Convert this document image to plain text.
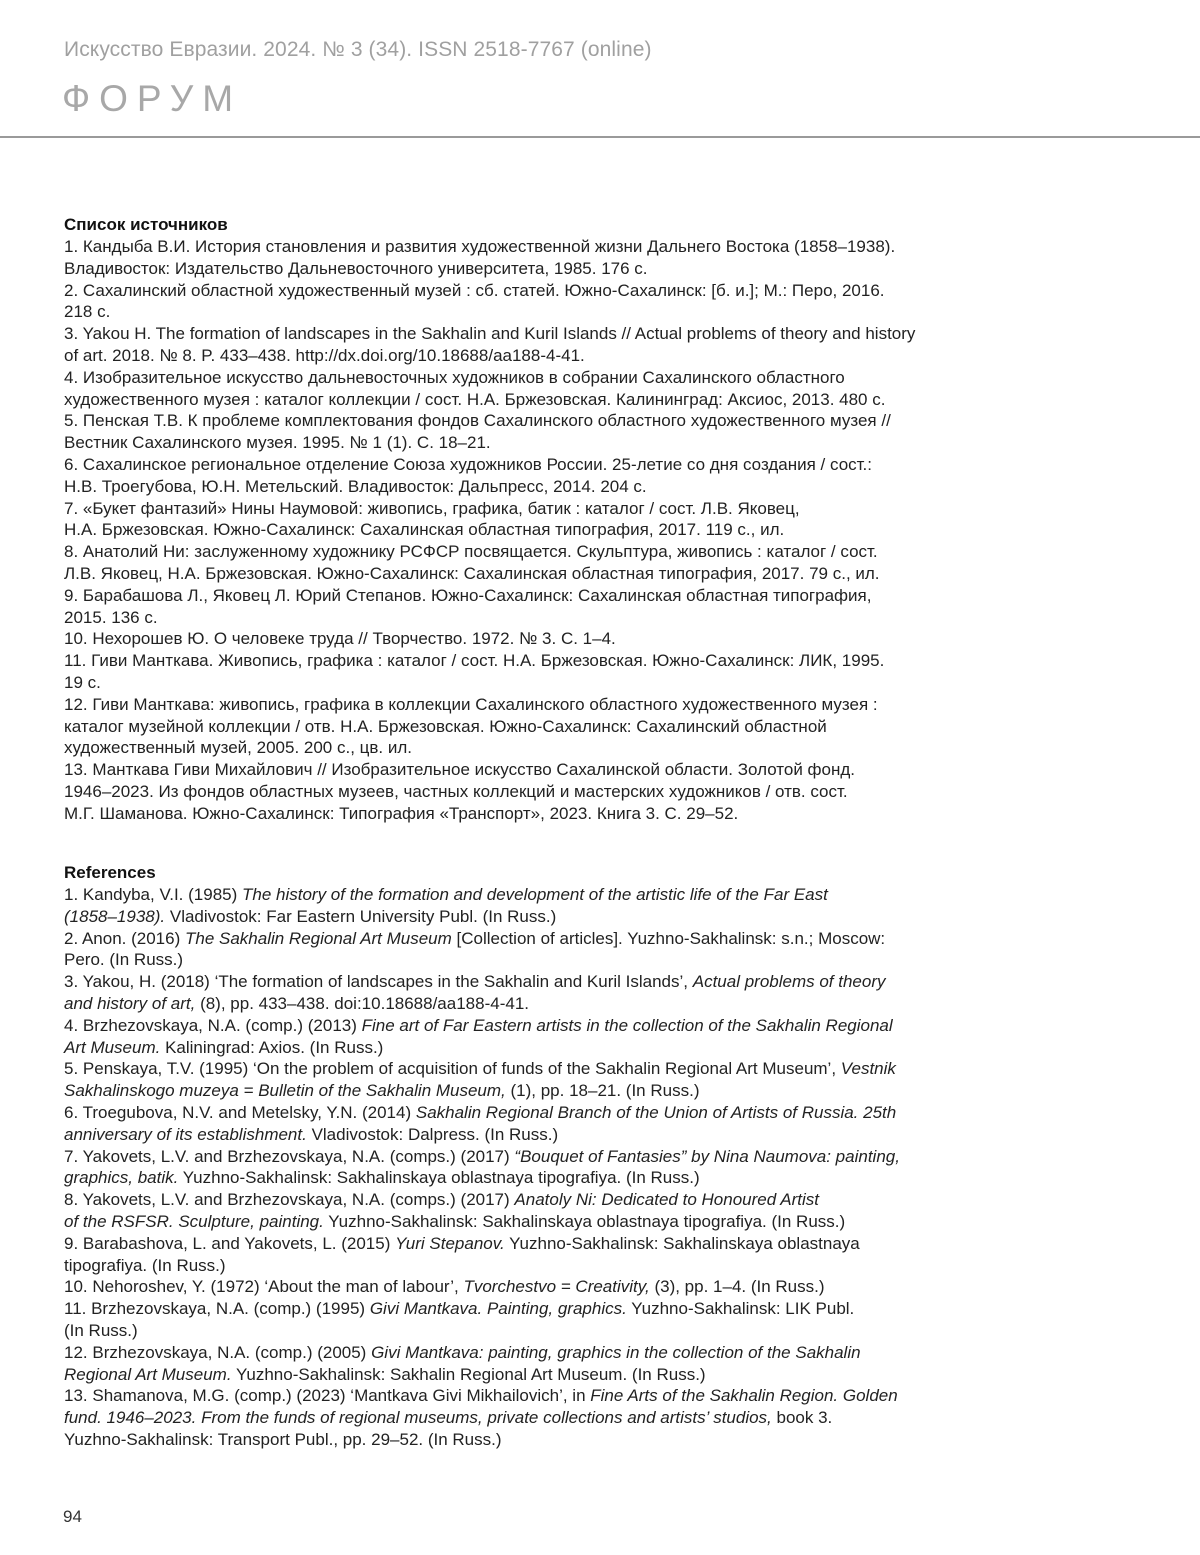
Искусство Евразии. 2024. № 3 (34). ISSN 2518-7767 (online)
ФОРУМ
Список источников
1. Кандыба В.И. История становления и развития художественной жизни Дальнего Востока (1858–1938).
Владивосток: Издательство Дальневосточного университета, 1985. 176 с.
2. Сахалинский областной художественный музей : сб. статей. Южно-Сахалинск: [б. и.]; М.: Перо, 2016.
218 с.
3. Yakou H. The formation of landscapes in the Sakhalin and Kuril Islands // Actual problems of theory and history
of art. 2018. № 8. P. 433–438. http://dx.doi.org/10.18688/aa188-4-41.
4. Изобразительное искусство дальневосточных художников в собрании Сахалинского областного
художественного музея : каталог коллекции / сост. Н.А. Бржезовская. Калининград: Аксиос, 2013. 480 с.
5. Пенская Т.В. К проблеме комплектования фондов Сахалинского областного художественного музея //
Вестник Сахалинского музея. 1995. № 1 (1). С. 18–21.
6. Сахалинское региональное отделение Союза художников России. 25-летие со дня создания / сост.:
Н.В. Троегубова, Ю.Н. Метельский. Владивосток: Дальпресс, 2014. 204 с.
7. «Букет фантазий» Нины Наумовой: живопись, графика, батик : каталог / сост. Л.В. Яковец,
Н.А. Бржезовская. Южно-Сахалинск: Сахалинская областная типография, 2017. 119 с., ил.
8. Анатолий Ни: заслуженному художнику РСФСР посвящается. Скульптура, живопись : каталог / сост.
Л.В. Яковец, Н.А. Бржезовская. Южно-Сахалинск: Сахалинская областная типография, 2017. 79 с., ил.
9. Барабашова Л., Яковец Л. Юрий Степанов. Южно-Сахалинск: Сахалинская областная типография,
2015. 136 с.
10. Нехорошев Ю. О человеке труда // Творчество. 1972. № 3. С. 1–4.
11. Гиви Манткава. Живопись, графика : каталог / сост. Н.А. Бржезовская. Южно-Сахалинск: ЛИК, 1995.
19 с.
12. Гиви Манткава: живопись, графика в коллекции Сахалинского областного художественного музея :
каталог музейной коллекции / отв. Н.А. Бржезовская. Южно-Сахалинск: Сахалинский областной
художественный музей, 2005. 200 с., цв. ил.
13. Манткава Гиви Михайлович // Изобразительное искусство Сахалинской области. Золотой фонд.
1946–2023. Из фондов областных музеев, частных коллекций и мастерских художников / отв. сост.
М.Г. Шаманова. Южно-Сахалинск: Типография «Транспорт», 2023. Книга 3. С. 29–52.
References
1. Kandyba, V.I. (1985) The history of the formation and development of the artistic life of the Far East
(1858–1938). Vladivostok: Far Eastern University Publ. (In Russ.)
2. Anon. (2016) The Sakhalin Regional Art Museum [Collection of articles]. Yuzhno-Sakhalinsk: s.n.; Moscow:
Pero. (In Russ.)
3. Yakou, H. (2018) ‘The formation of landscapes in the Sakhalin and Kuril Islands’, Actual problems of theory
and history of art, (8), pp. 433–438. doi:10.18688/aa188-4-41.
4. Brzhezovskaya, N.A. (comp.) (2013) Fine art of Far Eastern artists in the collection of the Sakhalin Regional
Art Museum. Kaliningrad: Axios. (In Russ.)
5. Penskaya, T.V. (1995) ‘On the problem of acquisition of funds of the Sakhalin Regional Art Museum’, Vestnik
Sakhalinskogo muzeya = Bulletin of the Sakhalin Museum, (1), pp. 18–21. (In Russ.)
6. Troegubova, N.V. and Metelsky, Y.N. (2014) Sakhalin Regional Branch of the Union of Artists of Russia. 25th
anniversary of its establishment. Vladivostok: Dalpress. (In Russ.)
7. Yakovets, L.V. and Brzhezovskaya, N.A. (comps.) (2017) “Bouquet of Fantasies” by Nina Naumova: painting,
graphics, batik. Yuzhno-Sakhalinsk: Sakhalinskaya oblastnaya tipografiya. (In Russ.)
8. Yakovets, L.V. and Brzhezovskaya, N.A. (comps.) (2017) Anatoly Ni: Dedicated to Honoured Artist
of the RSFSR. Sculpture, painting. Yuzhno-Sakhalinsk: Sakhalinskaya oblastnaya tipografiya. (In Russ.)
9. Barabashova, L. and Yakovets, L. (2015) Yuri Stepanov. Yuzhno-Sakhalinsk: Sakhalinskaya oblastnaya
tipografiya. (In Russ.)
10. Nehoroshev, Y. (1972) ‘About the man of labour’, Tvorchestvo = Creativity, (3), pp. 1–4. (In Russ.)
11. Brzhezovskaya, N.A. (comp.) (1995) Givi Mantkava. Painting, graphics. Yuzhno-Sakhalinsk: LIK Publ.
(In Russ.)
12. Brzhezovskaya, N.A. (comp.) (2005) Givi Mantkava: painting, graphics in the collection of the Sakhalin
Regional Art Museum. Yuzhno-Sakhalinsk: Sakhalin Regional Art Museum. (In Russ.)
13. Shamanova, M.G. (comp.) (2023) ‘Mantkava Givi Mikhailovich’, in Fine Arts of the Sakhalin Region. Golden
fund. 1946–2023. From the funds of regional museums, private collections and artists’ studios, book 3.
Yuzhno-Sakhalinsk: Transport Publ., pp. 29–52. (In Russ.)
94
